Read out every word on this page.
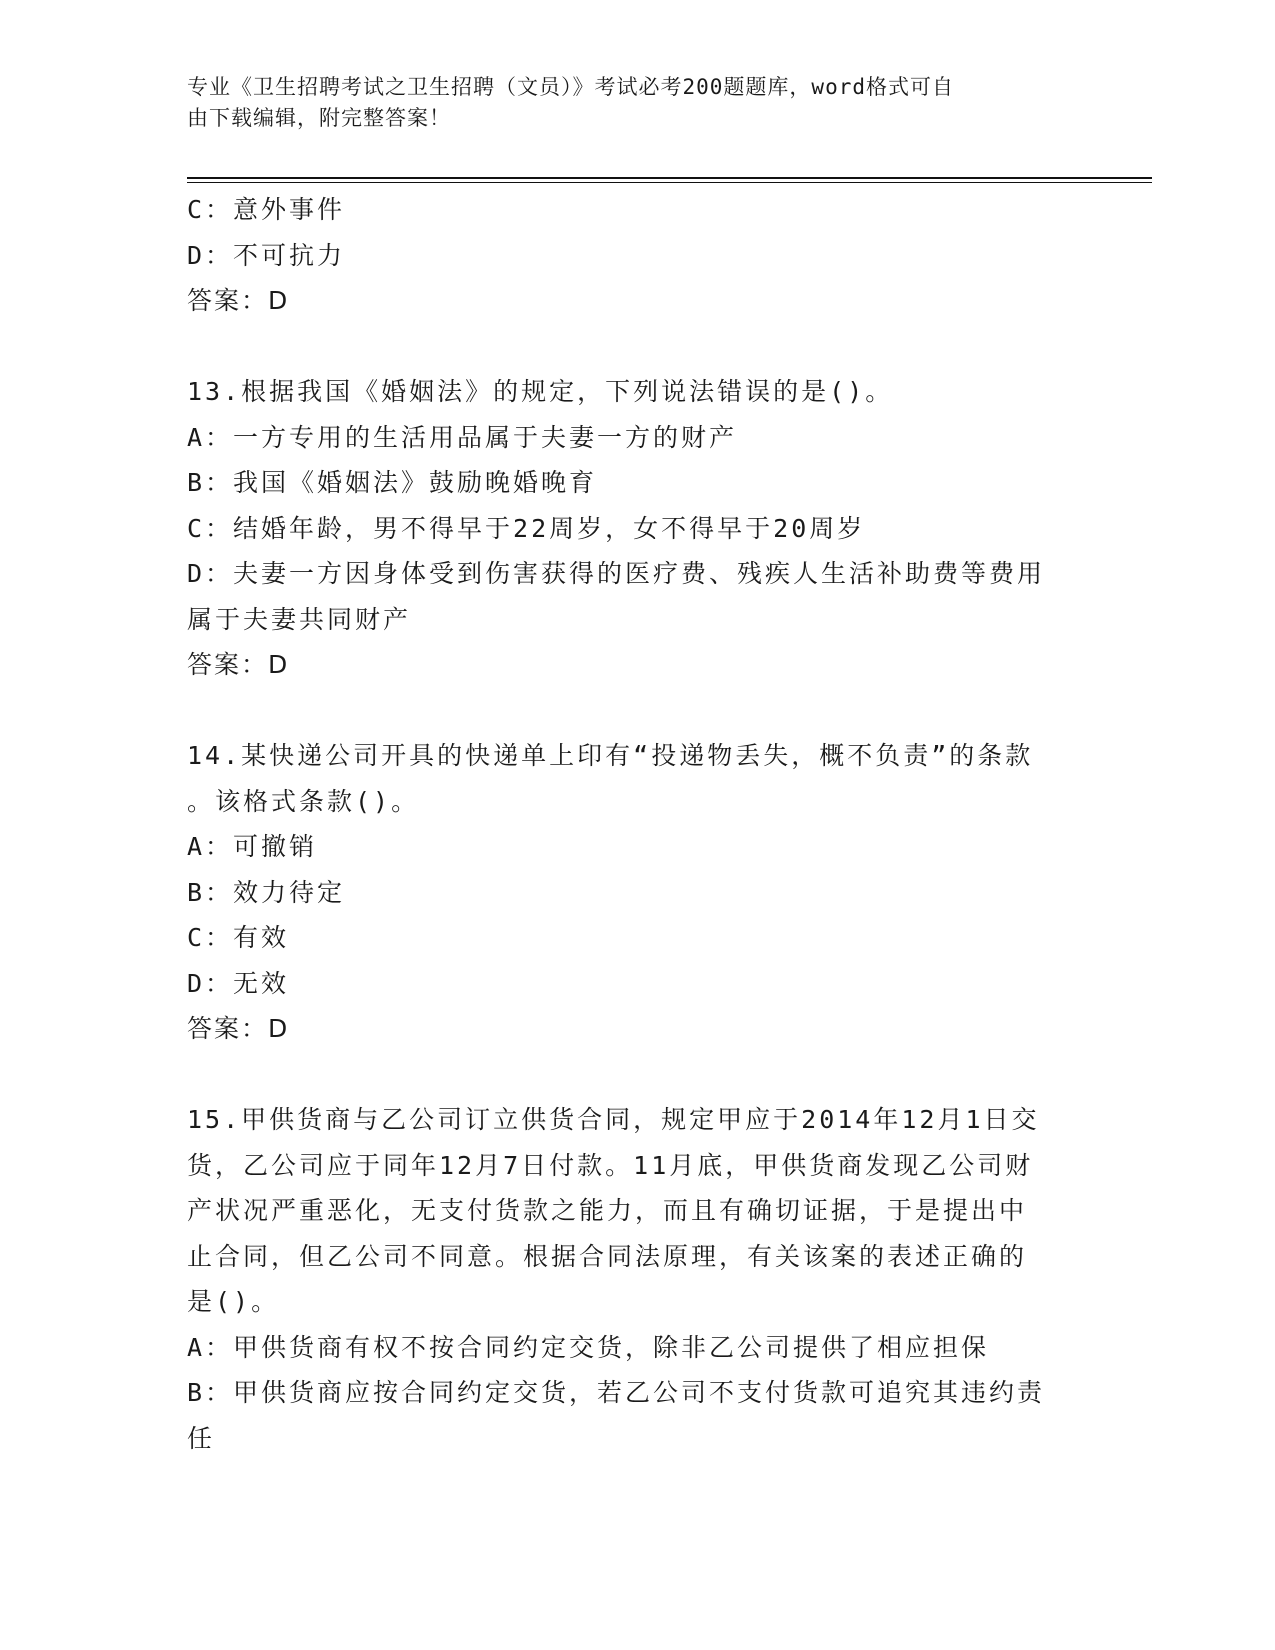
专业《卫生招聘考试之卫生招聘（文员）》考试必考200题题库，word格式可自
由下载编辑，附完整答案！
C：意外事件
D：不可抗力
答案：D
13.根据我国《婚姻法》的规定，下列说法错误的是()。
A：一方专用的生活用品属于夫妻一方的财产
B：我国《婚姻法》鼓励晚婚晚育
C：结婚年龄，男不得早于22周岁，女不得早于20周岁
D：夫妻一方因身体受到伤害获得的医疗费、残疾人生活补助费等费用
属于夫妻共同财产
答案：D
14.某快递公司开具的快递单上印有“投递物丢失，概不负责”的条款
。该格式条款()。
A：可撤销
B：效力待定
C：有效
D：无效
答案：D
15.甲供货商与乙公司订立供货合同，规定甲应于2014年12月1日交
货，乙公司应于同年12月7日付款。11月底，甲供货商发现乙公司财
产状况严重恶化，无支付货款之能力，而且有确切证据，于是提出中
止合同，但乙公司不同意。根据合同法原理，有关该案的表述正确的
是()。
A：甲供货商有权不按合同约定交货，除非乙公司提供了相应担保
B：甲供货商应按合同约定交货，若乙公司不支付货款可追究其违约责
任
